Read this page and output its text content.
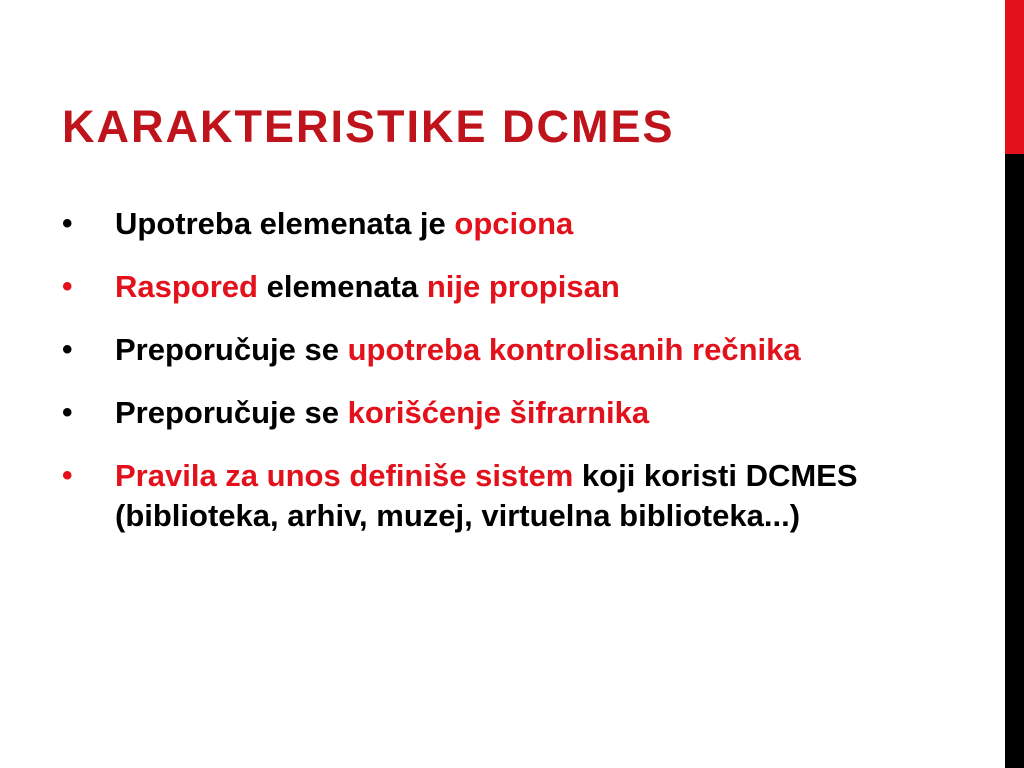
KARAKTERISTIKE DCMES
•	Upotreba elemenata je opciona
•	Raspored elemenata nije propisan
•	Preporučuje se upotreba kontrolisanih rečnika
•	Preporučuje se korišćenje šifrarnika
•	Pravila za unos definiše sistem koji koristi DCMES (biblioteka, arhiv, muzej, virtuelna biblioteka...)
